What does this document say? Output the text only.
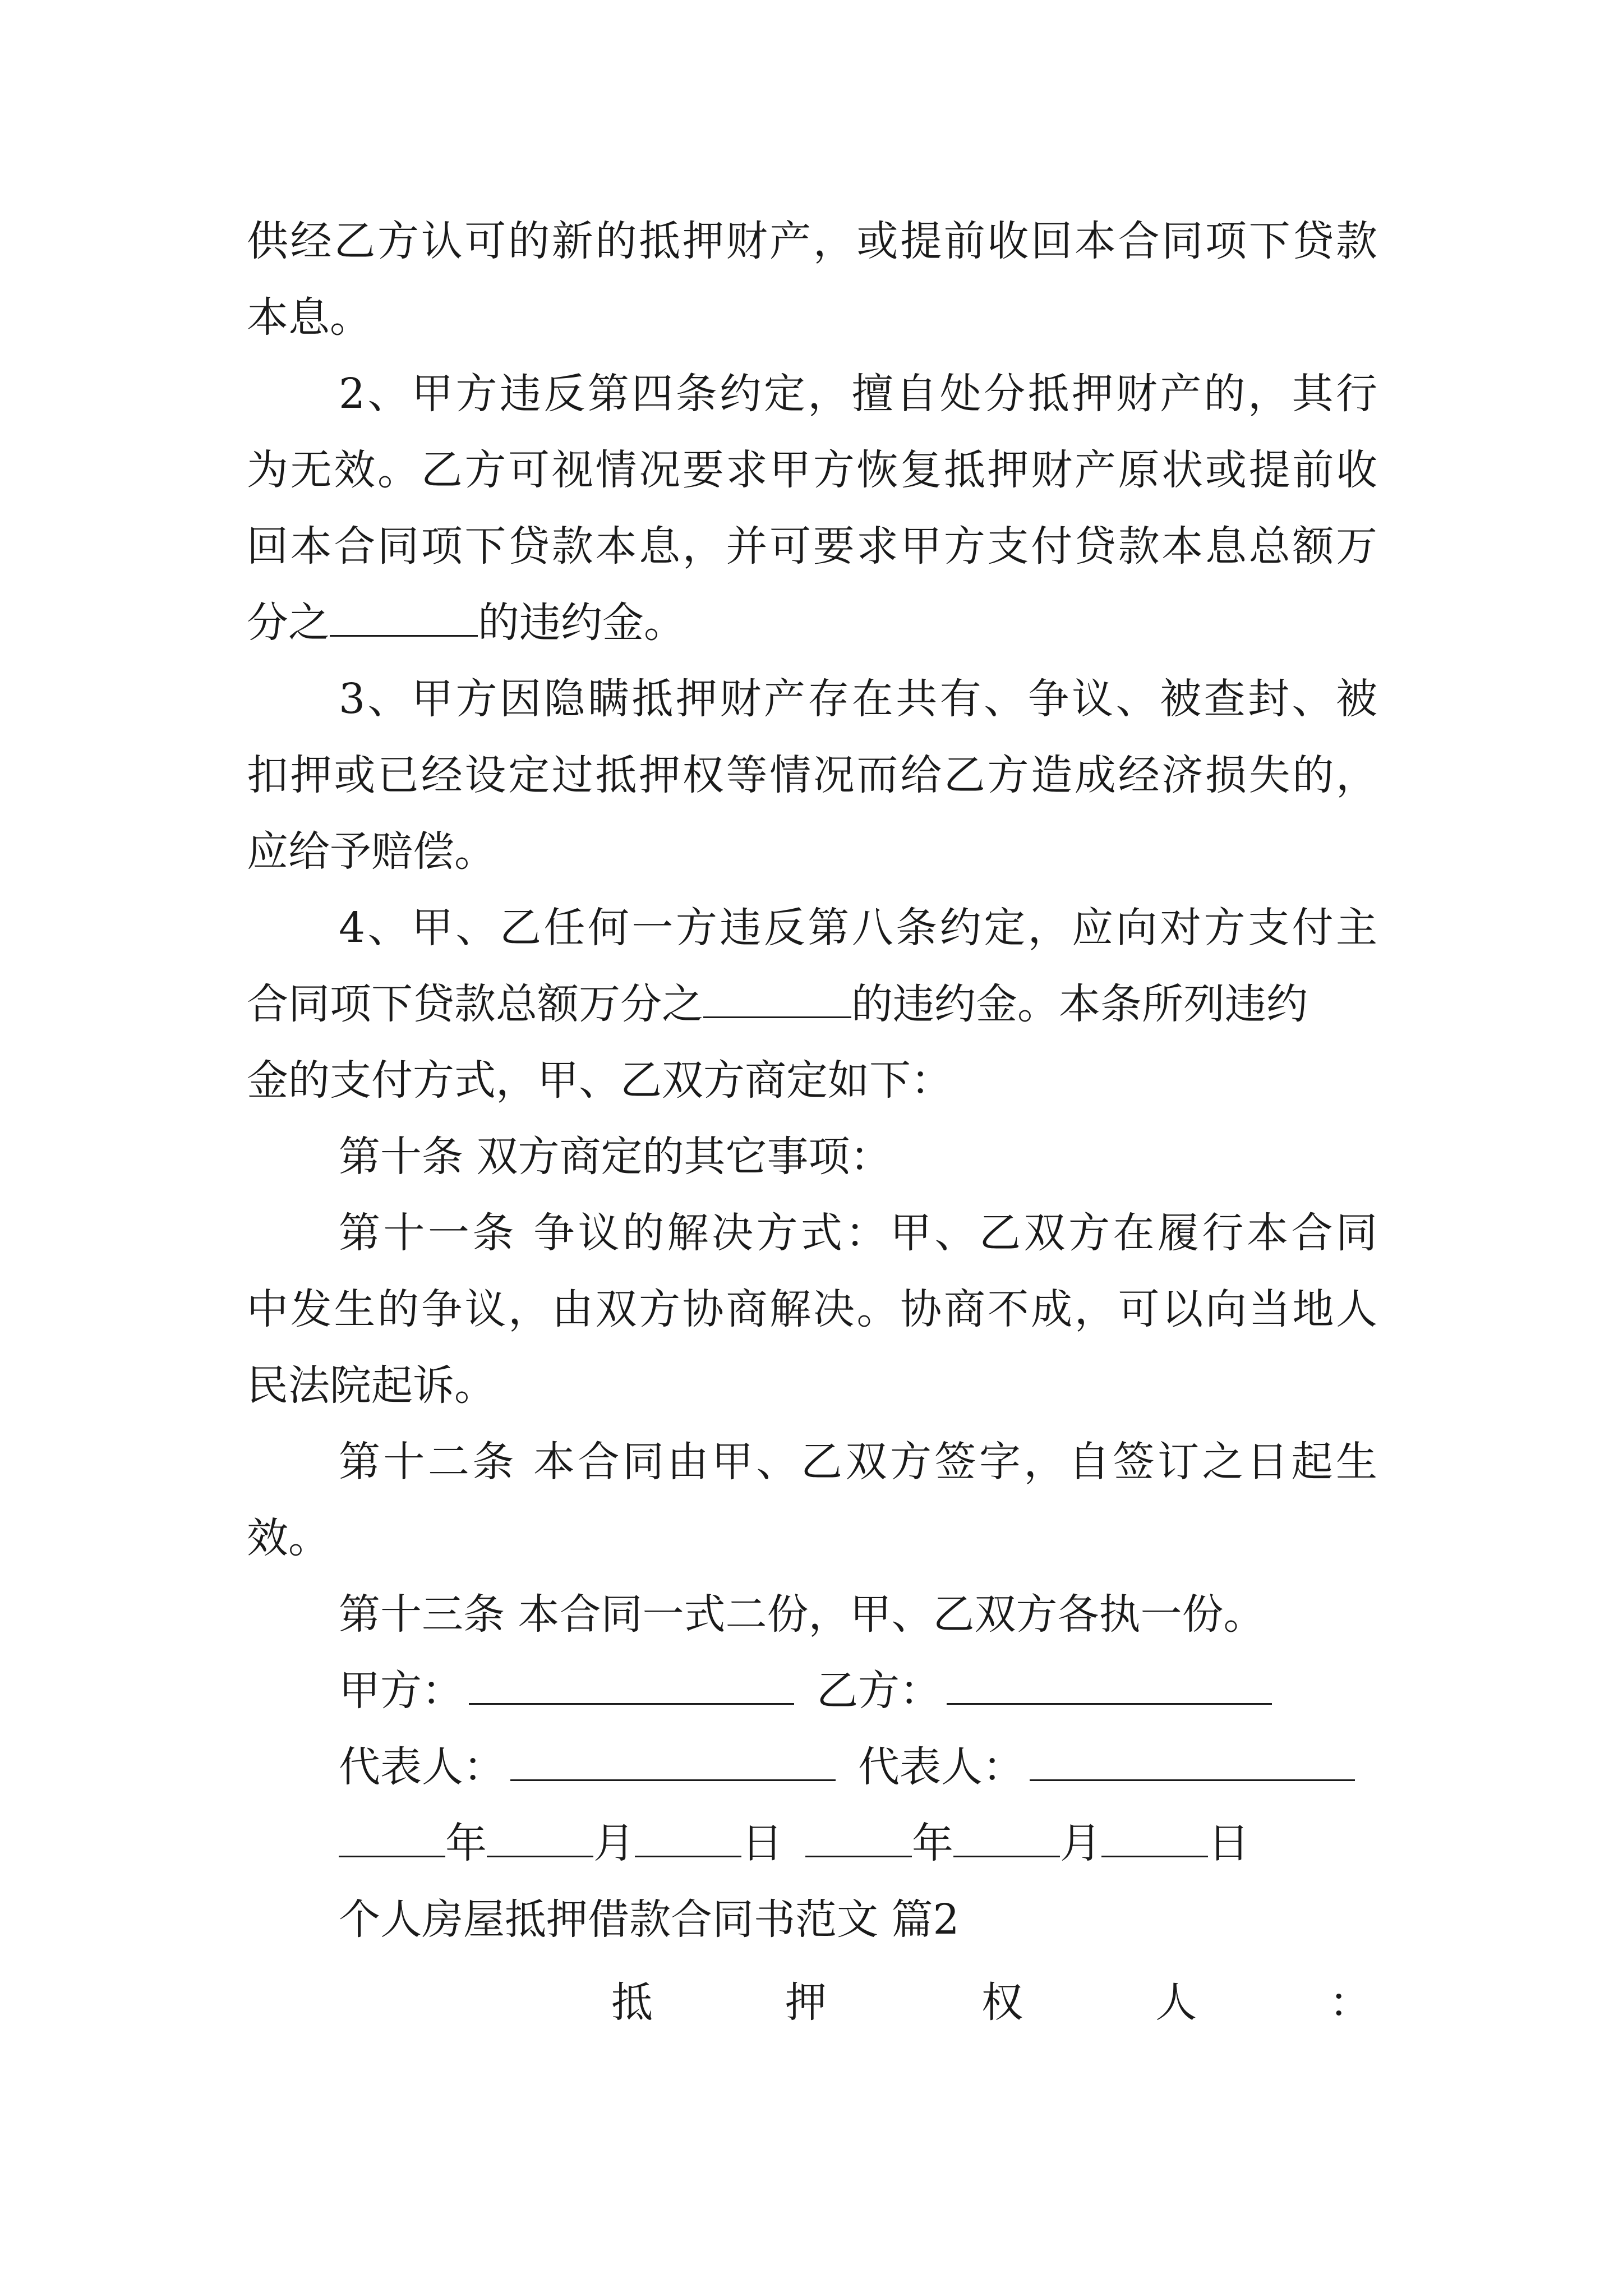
供经乙方认可的新的抵押财产，或提前收回本合同项下贷款
本息。
2、甲方违反第四条约定，擅自处分抵押财产的，其行
为无效。乙方可视情况要求甲方恢复抵押财产原状或提前收
回本合同项下贷款本息，并可要求甲方支付贷款本息总额万
分之	的违约金。
3、甲方因隐瞒抵押财产存在共有、争议、被查封、被
扣押或已经设定过抵押权等情况而给乙方造成经济损失的，
应给予赔偿。
4、甲、乙任何一方违反第八条约定，应向对方支付主
合同项下贷款总额万分之	的违约金。本条所列违约
金的支付方式，甲、乙双方商定如下：
第十条 双方商定的其它事项：
第十一条 争议的解决方式：甲、乙双方在履行本合同
中发生的争议，由双方协商解决。协商不成，可以向当地人
民法院起诉。
第十二条 本合同由甲、乙双方签字，自签订之日起生
效。
第十三条 本合同一式二份，甲、乙双方各执一份。
甲方：	乙方：
代表人：	代表人：
年	月	日	年	月	日
个人房屋抵押借款合同书范文 篇2
抵	押	权	人	：
